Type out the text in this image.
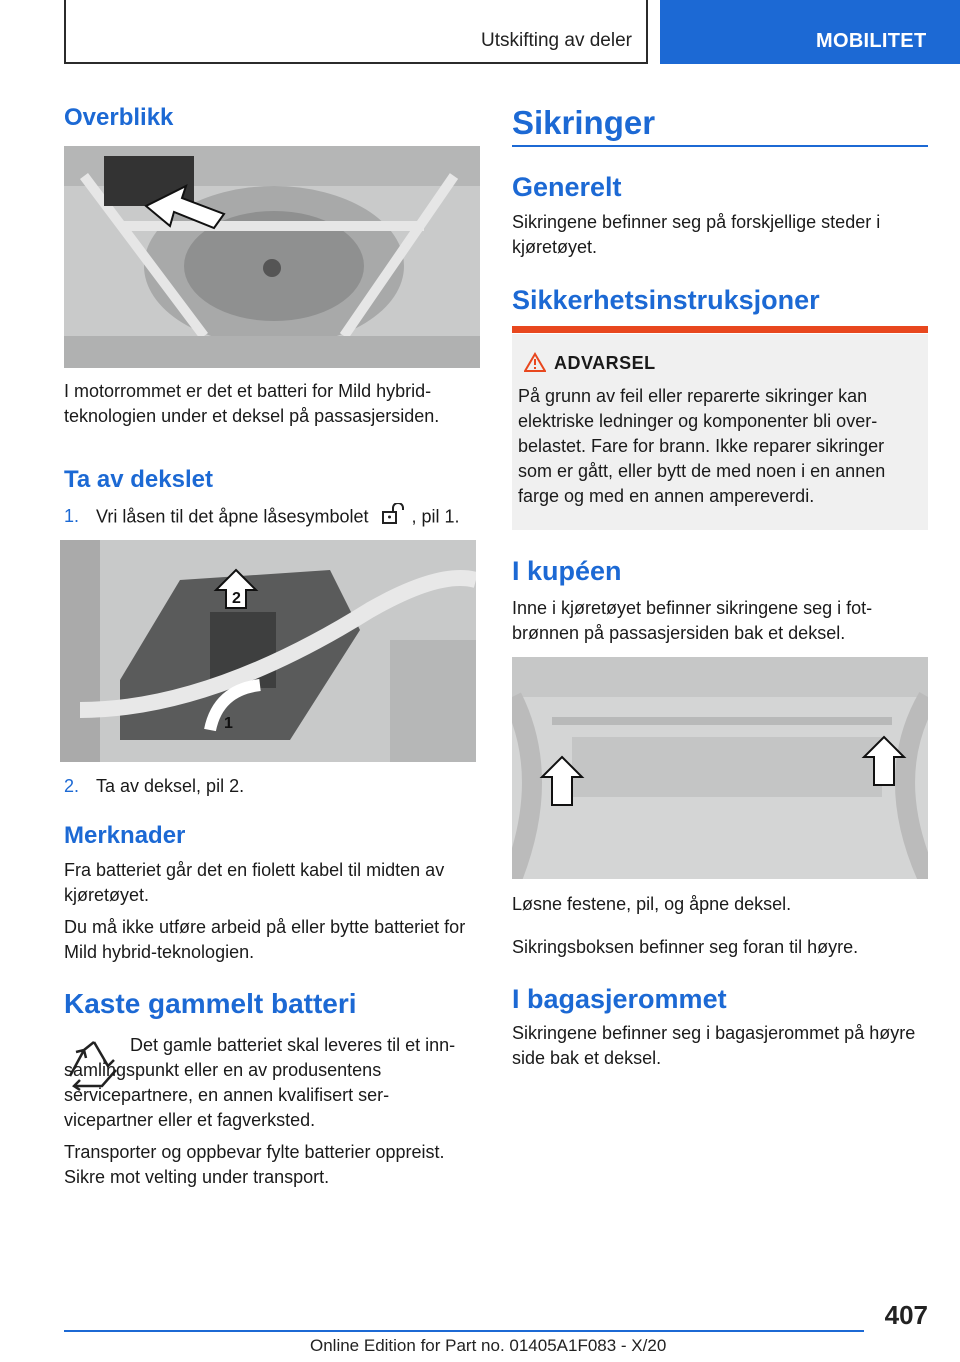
Utskifting av deler	MOBILITET
Overblikk

I motorrommet er det et batteri for Mild hybrid-teknologien under et deksel på passasjersiden.

Ta av dekslet
1. Vri låsen til det åpne låsesymbolet , pil 1.
2
1
2. Ta av deksel, pil 2.
Merknader

Fra batteriet går det en fiolett kabel til midten av kjøretøyet.

Du må ikke utføre arbeid på eller bytte batteriet for Mild hybrid-teknologien.

Kaste gammelt batteri

Det gamle batteriet skal leveres til et inn-samlingspunkt eller en av produsentens servicepartnere, en annen kvalifisert ser-vicepartner eller et fagverksted.

Transporter og oppbevar fylte batterier oppreist. Sikre mot velting under transport.

Sikringer
Generelt

Sikringene befinner seg på forskjellige steder i kjøretøyet.

Sikkerhetsinstruksjoner
ADVARSEL

På grunn av feil eller reparerte sikringer kan elektriske ledninger og komponenter bli over-belastet. Fare for brann. Ikke reparer sikringer som er gått, eller bytt de med noen i en annen farge og med en annen ampereverdi.

I kupéen

Inne i kjøretøyet befinner sikringene seg i fot-brønnen på passasjersiden bak et deksel.

Løsne festene, pil, og åpne deksel.

Sikringsboksen befinner seg foran til høyre.

I bagasjerommet

Sikringene befinner seg i bagasjerommet på høyre side bak et deksel.

407
Online Edition for Part no. 01405A1F083 - X/20
